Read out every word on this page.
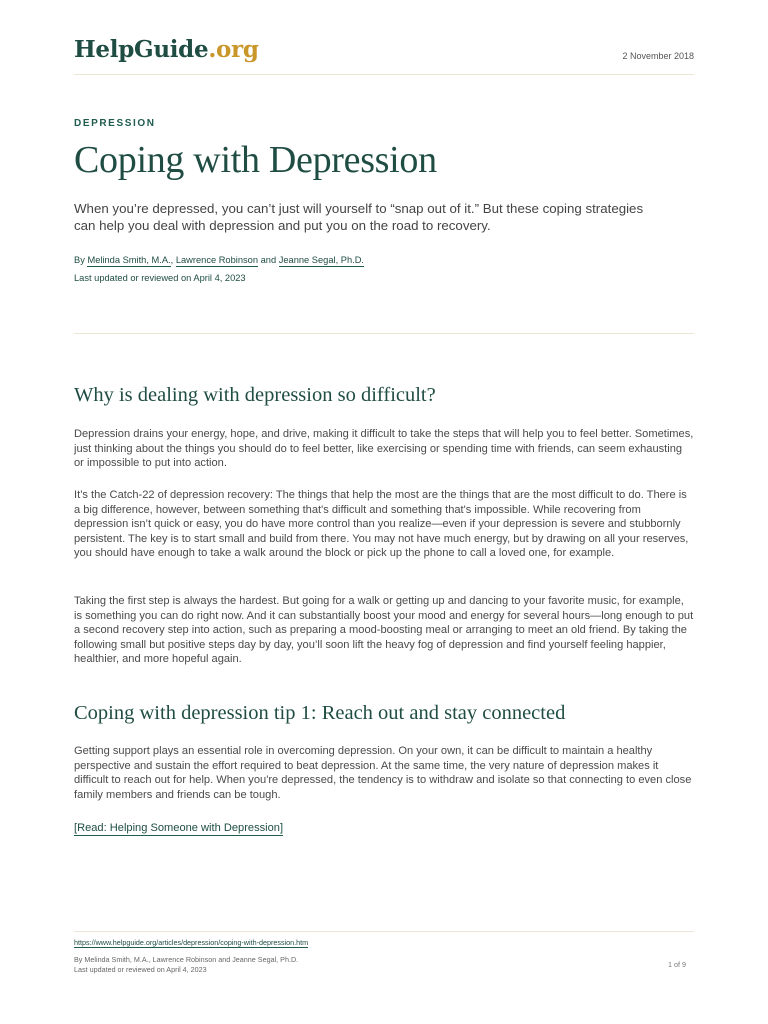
HelpGuide.org	2 November 2018
DEPRESSION
Coping with Depression

When you’re depressed, you can’t just will yourself to “snap out of it.” But these coping strategies can help you deal with depression and put you on the road to recovery.

By Melinda Smith, M.A., Lawrence Robinson and Jeanne Segal, Ph.D.
Last updated or reviewed on April 4, 2023
Why is dealing with depression so difficult?

Depression drains your energy, hope, and drive, making it difficult to take the steps that will help you to feel better. Sometimes, just thinking about the things you should do to feel better, like exercising or spending time with friends, can seem exhausting or impossible to put into action.

It’s the Catch-22 of depression recovery: The things that help the most are the things that are the most difficult to do. There is a big difference, however, between something that's difficult and something that's impossible. While recovering from depression isn’t quick or easy, you do have more control than you realize—even if your depression is severe and stubbornly persistent. The key is to start small and build from there. You may not have much energy, but by drawing on all your reserves, you should have enough to take a walk around the block or pick up the phone to call a loved one, for example.

Taking the first step is always the hardest. But going for a walk or getting up and dancing to your favorite music, for example, is something you can do right now. And it can substantially boost your mood and energy for several hours—long enough to put a second recovery step into action, such as preparing a mood-boosting meal or arranging to meet an old friend. By taking the following small but positive steps day by day, you’ll soon lift the heavy fog of depression and find yourself feeling happier, healthier, and more hopeful again.

Coping with depression tip 1: Reach out and stay connected

Getting support plays an essential role in overcoming depression. On your own, it can be difficult to maintain a healthy perspective and sustain the effort required to beat depression. At the same time, the very nature of depression makes it difficult to reach out for help. When you're depressed, the tendency is to withdraw and isolate so that connecting to even close family members and friends can be tough.

[Read: Helping Someone with Depression]
https://www.helpguide.org/articles/depression/coping-with-depression.htm
By Melinda Smith, M.A., Lawrence Robinson and Jeanne Segal, Ph.D.
Last updated or reviewed on April 4, 2023
1 of 9
